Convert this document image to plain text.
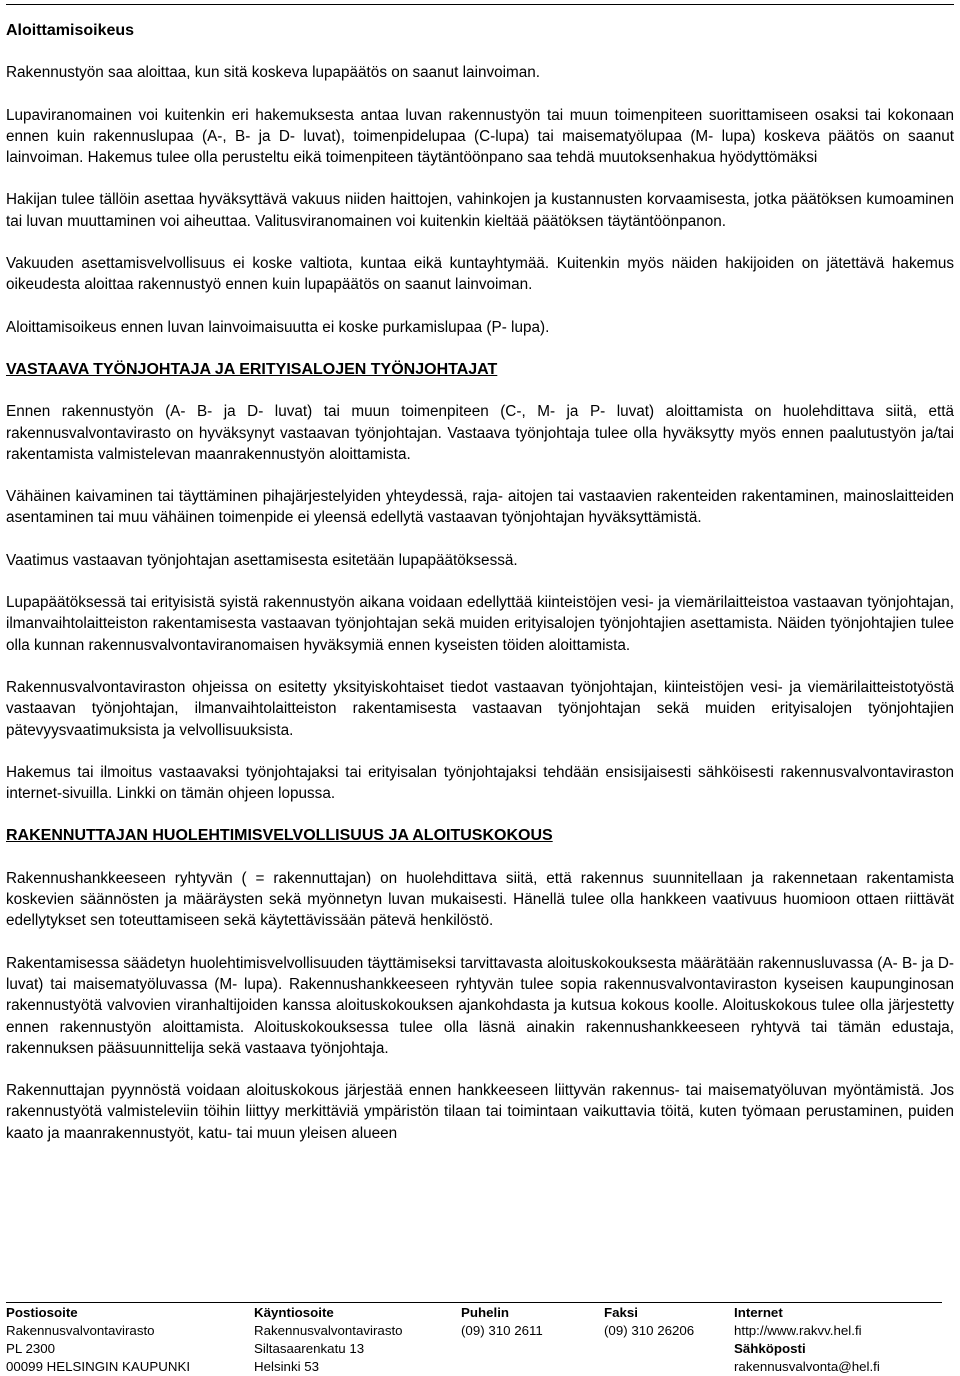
Aloittamisoikeus

Rakennustyön saa aloittaa, kun sitä koskeva lupapäätös on saanut lainvoiman.

Lupaviranomainen voi kuitenkin eri hakemuksesta antaa luvan rakennustyön tai muun toimenpiteen suorittamiseen osaksi tai kokonaan ennen kuin rakennuslupaa (A-, B- ja D- luvat), toimenpidelupaa (C-lupa) tai maisematyölupaa (M- lupa) koskeva päätös on saanut lainvoiman. Hakemus tulee olla perusteltu eikä toimenpiteen täytäntöönpano saa tehdä muutoksenhakua hyödyttömäksi

Hakijan tulee tällöin asettaa hyväksyttävä vakuus niiden haittojen, vahinkojen ja kustannusten korvaamisesta, jotka päätöksen kumoaminen tai luvan muuttaminen voi aiheuttaa. Valitusviranomainen voi kuitenkin kieltää päätöksen täytäntöönpanon.

Vakuuden asettamisvelvollisuus ei koske valtiota, kuntaa eikä kuntayhtymää. Kuitenkin myös näiden hakijoiden on jätettävä hakemus oikeudesta aloittaa rakennustyö ennen kuin lupapäätös on saanut lainvoiman.

Aloittamisoikeus ennen luvan lainvoimaisuutta ei koske purkamislupaa (P- lupa).

VASTAAVA TYÖNJOHTAJA JA ERITYISALOJEN TYÖNJOHTAJAT

Ennen rakennustyön (A- B- ja D- luvat) tai muun toimenpiteen (C-, M- ja P- luvat) aloittamista on huolehdittava siitä, että rakennusvalvontavirasto on hyväksynyt vastaavan työnjohtajan. Vastaava työnjohtaja tulee olla hyväksytty myös ennen paalutustyön ja/tai rakentamista valmistelevan maanrakennustyön aloittamista.

Vähäinen kaivaminen tai täyttäminen pihajärjestelyiden yhteydessä, raja- aitojen tai vastaavien rakenteiden rakentaminen, mainoslaitteiden asentaminen tai muu vähäinen toimenpide ei yleensä edellytä vastaavan työnjohtajan hyväksyttämistä.

Vaatimus vastaavan työnjohtajan asettamisesta esitetään lupapäätöksessä.

Lupapäätöksessä tai erityisistä syistä rakennustyön aikana voidaan edellyttää kiinteistöjen vesi- ja viemärilaitteistoa vastaavan työnjohtajan, ilmanvaihtolaitteiston rakentamisesta vastaavan työnjohtajan sekä muiden erityisalojen työnjohtajien asettamista. Näiden työnjohtajien tulee olla kunnan rakennusvalvontaviranomaisen hyväksymiä ennen kyseisten töiden aloittamista.

Rakennusvalvontaviraston ohjeissa on esitetty yksityiskohtaiset tiedot vastaavan työnjohtajan, kiinteistöjen vesi- ja viemärilaitteistotyöstä vastaavan työnjohtajan, ilmanvaihtolaitteiston rakentamisesta vastaavan työnjohtajan sekä muiden erityisalojen työnjohtajien pätevyysvaatimuksista ja velvollisuuksista.

Hakemus tai ilmoitus vastaavaksi työnjohtajaksi tai erityisalan työnjohtajaksi tehdään ensisijaisesti sähköisesti rakennusvalvontaviraston internet-sivuilla. Linkki on tämän ohjeen lopussa.

RAKENNUTTAJAN HUOLEHTIMISVELVOLLISUUS JA ALOITUSKOKOUS

Rakennushankkeeseen ryhtyvän ( = rakennuttajan) on huolehdittava siitä, että rakennus suunnitellaan ja rakennetaan rakentamista koskevien säännösten ja määräysten sekä myönnetyn luvan mukaisesti. Hänellä tulee olla hankkeen vaativuus huomioon ottaen riittävät edellytykset sen toteuttamiseen sekä käytettävissään pätevä henkilöstö.

Rakentamisessa säädetyn huolehtimisvelvollisuuden täyttämiseksi tarvittavasta aloituskokouksesta määrätään rakennusluvassa (A- B- ja D- luvat) tai maisematyöluvassa (M- lupa). Rakennushankkeeseen ryhtyvän tulee sopia rakennusvalvontaviraston kyseisen kaupunginosan rakennustyötä valvovien viranhaltijoiden kanssa aloituskokouksen ajankohdasta ja kutsua kokous koolle. Aloituskokous tulee olla järjestetty ennen rakennustyön aloittamista. Aloituskokouksessa tulee olla läsnä ainakin rakennushankkeeseen ryhtyvä tai tämän edustaja, rakennuksen pääsuunnittelija sekä vastaava työnjohtaja.

Rakennuttajan pyynnöstä voidaan aloituskokous järjestää ennen hankkeeseen liittyvän rakennus- tai maisematyöluvan myöntämistä. Jos rakennustyötä valmisteleviin töihin liittyy merkittäviä ympäristön tilaan tai toimintaan vaikuttavia töitä, kuten työmaan perustaminen, puiden kaato ja maanrakennustyöt, katu- tai muun yleisen alueen

Postiosoite
Rakennusvalvontavirasto
PL 2300
00099 HELSINGIN KAUPUNKI
Käyntiosoite
Rakennusvalvontavirasto
Siltasaarenkatu 13
Helsinki 53
Puhelin
(09) 310 2611
Faksi
(09) 310 26206
Internet
http://www.rakvv.hel.fi
Sähköposti
rakennusvalvonta@hel.fi
